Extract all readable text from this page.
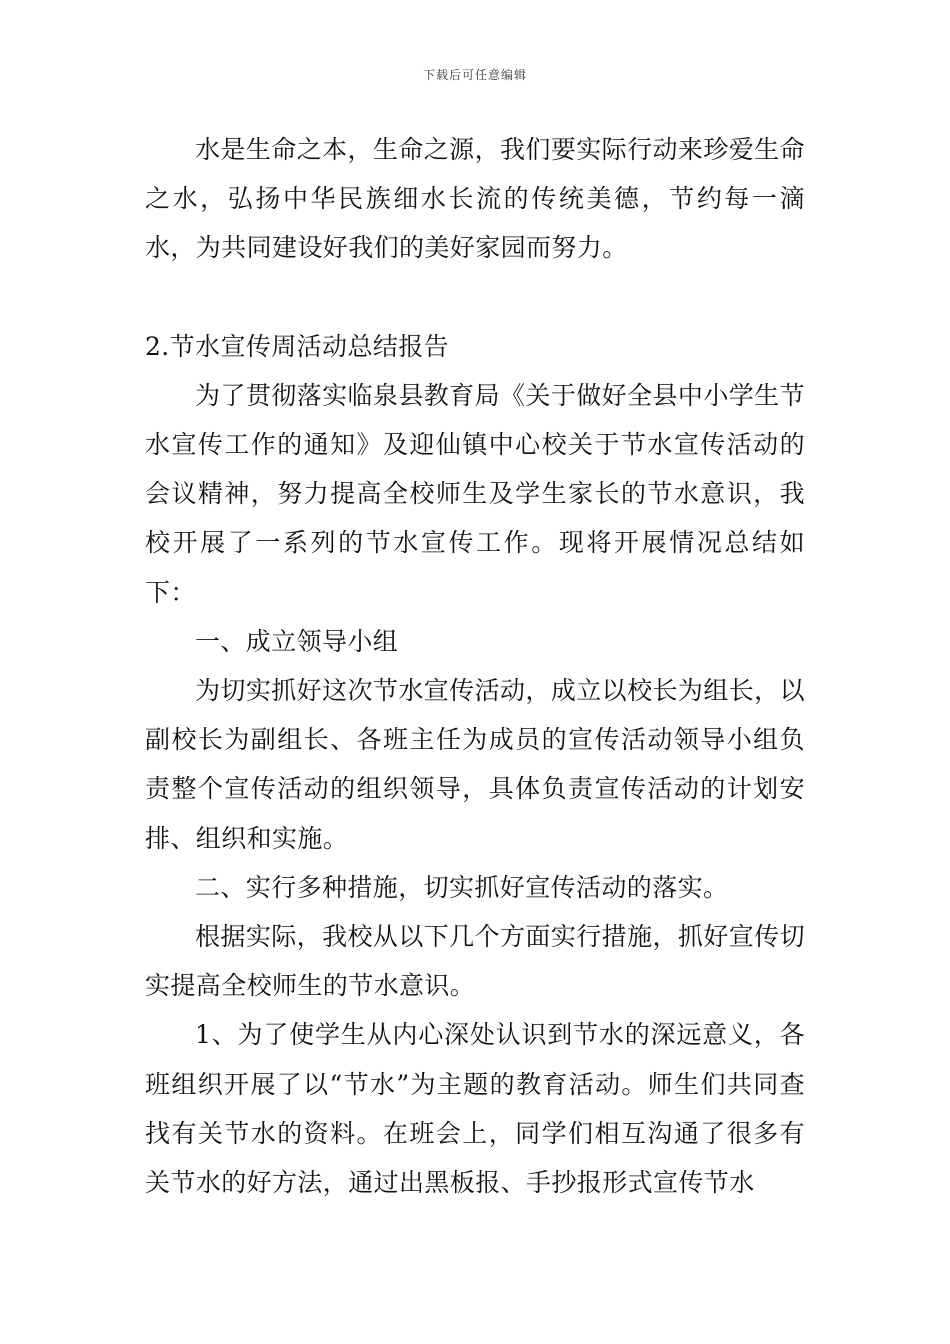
下载后可任意编辑

水是生命之本，生命之源，我们要实际行动来珍爱生命之水，弘扬中华民族细水长流的传统美德，节约每一滴水，为共同建设好我们的美好家园而努力。

2.节水宣传周活动总结报告

为了贯彻落实临泉县教育局《关于做好全县中小学生节水宣传工作的通知》及迎仙镇中心校关于节水宣传活动的会议精神，努力提高全校师生及学生家长的节水意识，我校开展了一系列的节水宣传工作。现将开展情况总结如下：

一、成立领导小组

为切实抓好这次节水宣传活动，成立以校长为组长，以副校长为副组长、各班主任为成员的宣传活动领导小组负责整个宣传活动的组织领导，具体负责宣传活动的计划安排、组织和实施。

二、实行多种措施，切实抓好宣传活动的落实。

根据实际，我校从以下几个方面实行措施，抓好宣传切实提高全校师生的节水意识。

1、为了使学生从内心深处认识到节水的深远意义，各班组织开展了以“节水”为主题的教育活动。师生们共同查找有关节水的资料。在班会上，同学们相互沟通了很多有关节水的好方法，通过出黑板报、手抄报形式宣传节水
